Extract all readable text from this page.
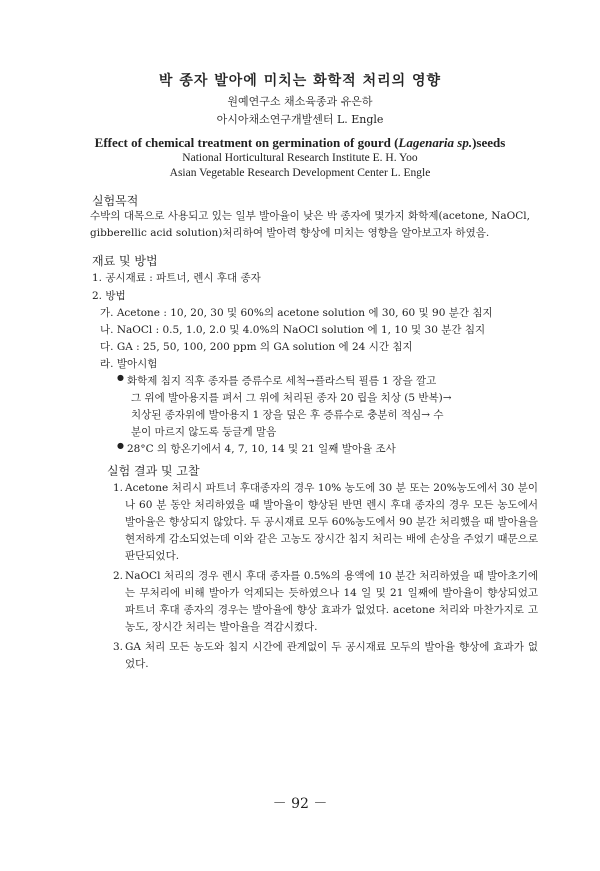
박 종자 발아에 미치는 화학적 처리의 영향
원예연구소 채소육종과 유은하
아시아채소연구개발센터 L. Engle
Effect of chemical treatment on germination of gourd (Lagenaria sp.)seeds
National Horticultural Research Institute E. H. Yoo
Asian Vegetable Research Development Center L. Engle
실험목적
수박의 대목으로 사용되고 있는 일부 발아율이 낮은 박 종자에 몇가지 화학제(acetone, NaOCl, gibberellic acid solution)처리하여 발아력 향상에 미치는 영향을 알아보고자 하였음.
재료 및 방법
1. 공시재료 : 파트너, 렌시 후대 종자
2. 방법
가. Acetone : 10, 20, 30 및 60%의 acetone solution 에 30, 60 및 90 분간 침지
나. NaOCl : 0.5, 1.0, 2.0 및 4.0%의 NaOCl solution 에 1, 10 및 30 분간 침지
다. GA : 25, 50, 100, 200 ppm 의 GA solution 에 24 시간 침지
라. 발아시험
● 화학제 침지 직후 종자를 증류수로 세척→플라스틱 필름 1 장을 깔고
그 위에 발아용지를 펴서 그 위에 처리된 종자 20 립을 치상 (5 반복)→
치상된 종자위에 발아용지 1 장을 덮은 후 증류수로 충분히 적심→ 수
분이 마르지 않도록 둥글게 말음
● 28°C 의 항온기에서 4, 7, 10, 14 및 21 일째 발아율 조사
실험 결과 및 고찰

1. Acetone 처리시 파트너 후대종자의 경우 10% 농도에 30 분 또는 20%농도에서 30 분이나 60 분 동안 처리하였을 때 발아율이 향상된 반면 렌시 후대 종자의 경우 모든 농도에서 발아율은 향상되지 않았다. 두 공시재료 모두 60%농도에서 90 분간 처리했을 때 발아율을 현저하게 감소되었는데 이와 같은 고농도 장시간 침지 처리는 배에 손상을 주었기 때문으로 판단되었다.

2. NaOCl 처리의 경우 렌시 후대 종자를 0.5%의 용액에 10 분간 처리하였을 때 발아초기에는 무처리에 비해 발아가 억제되는 듯하였으나 14 일 및 21 일째에 발아율이 향상되었고 파트너 후대 종자의 경우는 발아율에 향상 효과가 없었다. acetone 처리와 마찬가지로 고농도, 장시간 처리는 발아율을 격감시켰다.

3. GA 처리 모든 농도와 침지 시간에 관계없이 두 공시재료 모두의 발아율 향상에 효과가 없었다.

－ 92 －
